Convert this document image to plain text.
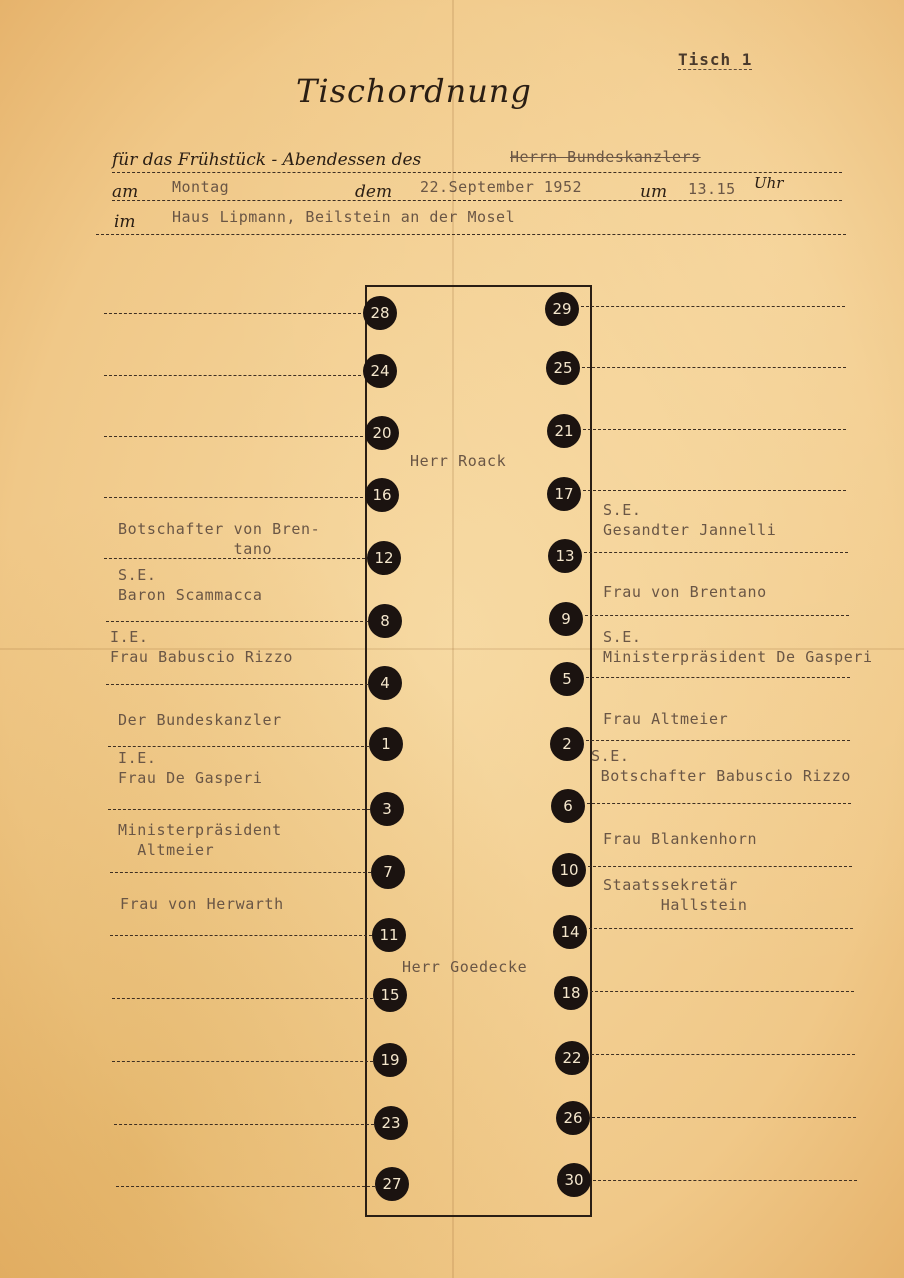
Tisch 1
Tischordnung
für das Frühstück - Abendessen des	Herrn Bundeskanzlers
am Montag	dem 22.September 1952	um 13.15 Uhr
im Haus Lipmann, Beilstein an der Mosel
Herr Roack
Herr Goedecke
28
24
20
16
12
8
4
1
3
7
11
15
19
23
27
29
25
21
17
13
9
5
2
6
10
14
18
22
26
30
Botschafter von Bren-
tano
S.E.
Baron Scammacca
I.E.
Frau Babuscio Rizzo
Der Bundeskanzler
I.E.
Frau De Gasperi
Ministerpräsident
Altmeier
Frau von Herwarth
S.E.
Gesandter Jannelli
Frau von Brentano
S.E.
Ministerpräsident De Gasperi
Frau Altmeier
S.E.
Botschafter Babuscio Rizzo
Frau Blankenhorn
Staatssekretär
Hallstein
